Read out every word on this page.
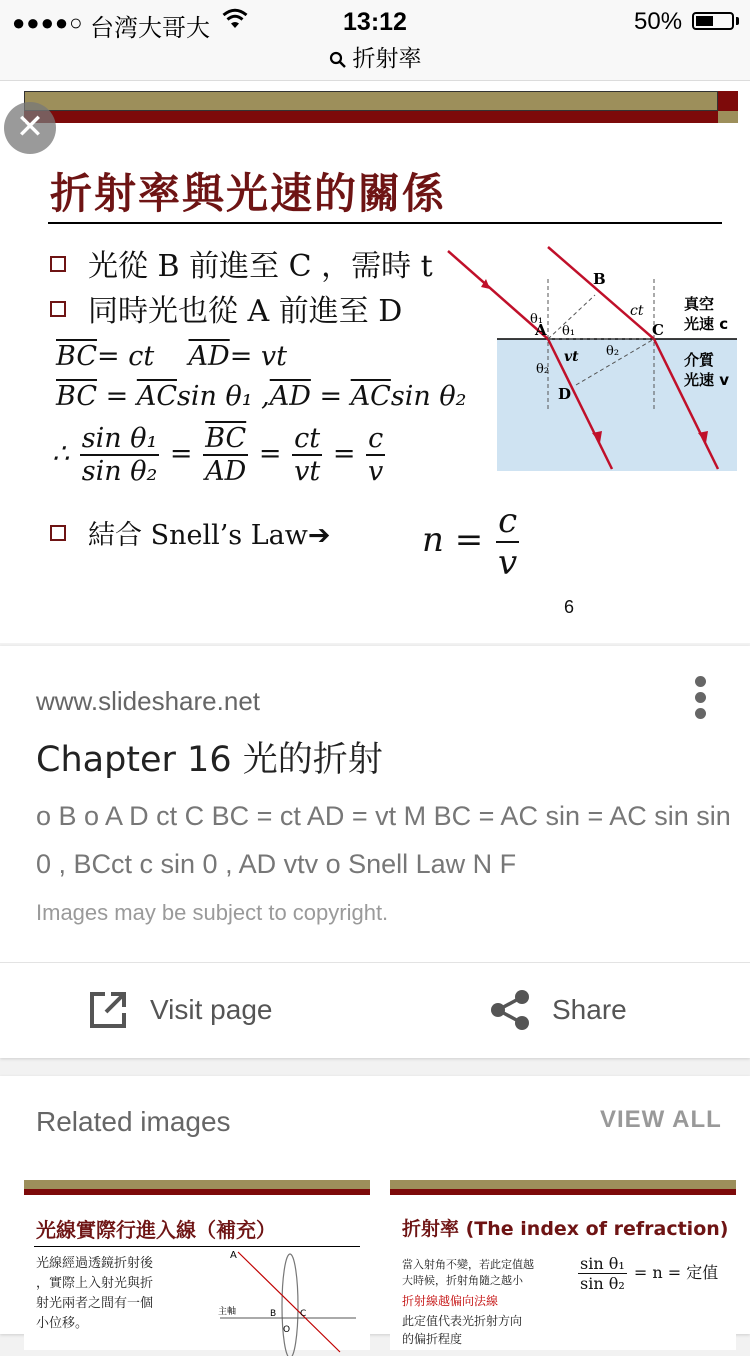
●●●●○ 台湾大哥大	13:12	50%
折射率
✕
折射率與光速的關係
光從 B 前進至 C ，需時 t
同時光也從 A 前進至 D
$\overline{BC}=$ ct $\overline{AD}=$ vt
$\overline{BC} = \overline{AC}\sin$ θ₁ $,\overline{AD} = \overline{AC}\sin$ θ₂
∴ $\frac{\text{sin θ₁}}{\text{sin θ₂}} = \frac{\overline{BC}}{AD} = \frac{ct}{vt} = \frac{c}{v}$
結合 Snell’s Law➔	$n = \frac{c}{v}$
B
C
A
D
ct
vt
θ₁
θ₁
θ₂
θ₂
真空
光速 c
介質
光速 v
6
www.slideshare.net
Chapter 16 光的折射
o B o A D ct C BC = ct AD = vt M BC = AC sin = AC sin sin 0 , BCct c sin 0 , AD vtv o Snell Law N F
Images may be subject to copyright.
Visit page	Share
Related images	VIEW ALL
光線實際行進入線（補充）
光線經過透鏡折射後
，實際上入射光與折
射光兩者之間有一個
小位移。
A
B	C
主軸
O
折射率 (The index of refraction)
當入射角不變，若此定值越
大時候，折射角隨之越小
折射線越偏向法線
此定值代表光折射方向
的偏折程度
$\frac{\text{sin θ₁}}{\text{sin θ₂}} = n$ = 定值
